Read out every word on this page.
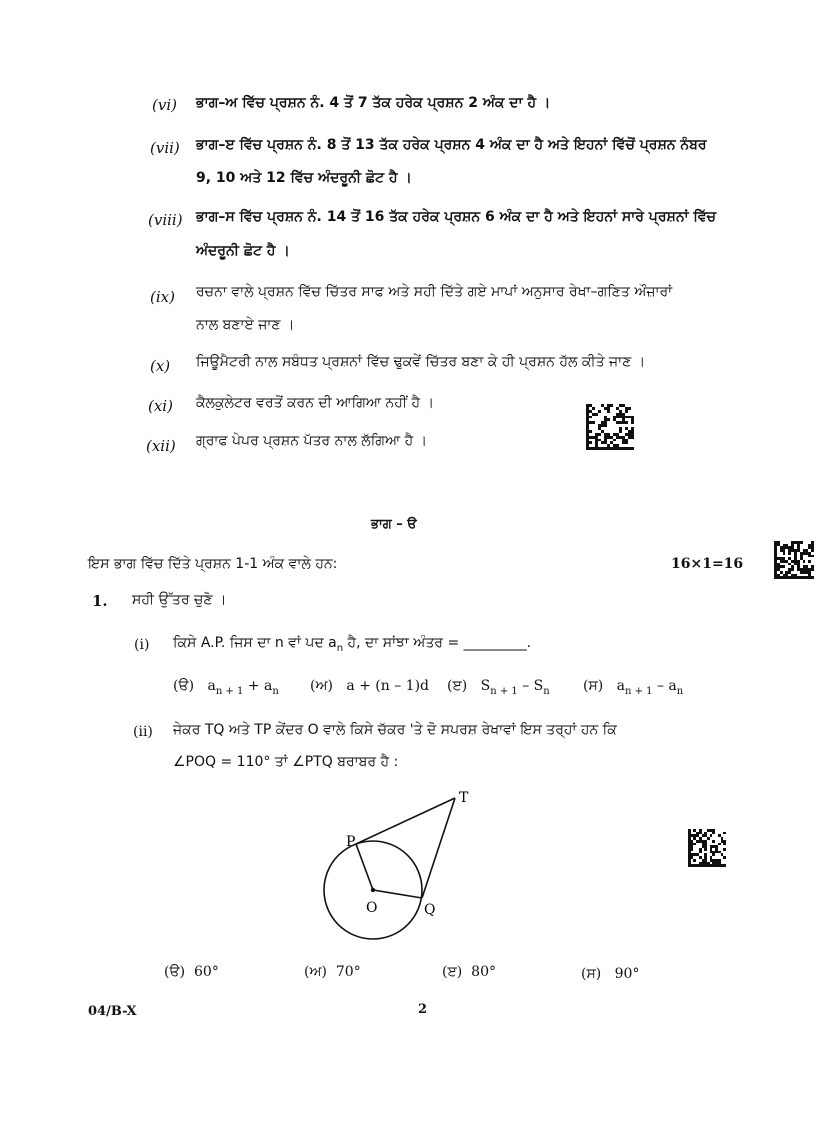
(vi) ਭਾਗ–ਅ ਵਿੱਚ ਪ੍ਰਸ਼ਨ ਨੰ. 4 ਤੋਂ 7 ਤੱਕ ਹਰੇਕ ਪ੍ਰਸ਼ਨ 2 ਅੰਕ ਦਾ ਹੈ ।
(vii) ਭਾਗ–ੲ ਵਿੱਚ ਪ੍ਰਸ਼ਨ ਨੰ. 8 ਤੋਂ 13 ਤੱਕ ਹਰੇਕ ਪ੍ਰਸ਼ਨ 4 ਅੰਕ ਦਾ ਹੈ ਅਤੇ ਇਹਨਾਂ ਵਿੱਚੋਂ ਪ੍ਰਸ਼ਨ ਨੰਬਰ
9, 10 ਅਤੇ 12 ਵਿੱਚ ਅੰਦਰੂਨੀ ਛੋਟ ਹੈ ।
(viii) ਭਾਗ–ਸ ਵਿੱਚ ਪ੍ਰਸ਼ਨ ਨੰ. 14 ਤੋਂ 16 ਤੱਕ ਹਰੇਕ ਪ੍ਰਸ਼ਨ 6 ਅੰਕ ਦਾ ਹੈ ਅਤੇ ਇਹਨਾਂ ਸਾਰੇ ਪ੍ਰਸ਼ਨਾਂ ਵਿੱਚ
ਅੰਦਰੂਨੀ ਛੋਟ ਹੈ ।
(ix) ਰਚਨਾ ਵਾਲੇ ਪ੍ਰਸ਼ਨ ਵਿੱਚ ਚਿੱਤਰ ਸਾਫ ਅਤੇ ਸਹੀ ਦਿੱਤੇ ਗਏ ਮਾਪਾਂ ਅਨੁਸਾਰ ਰੇਖਾ–ਗਣਿਤ ਔਜ਼ਾਰਾਂ
ਨਾਲ ਬਣਾਏ ਜਾਣ ।
(x) ਜਿਊਮੈਟਰੀ ਨਾਲ ਸਬੰਧਤ ਪ੍ਰਸ਼ਨਾਂ ਵਿੱਚ ਢੁਕਵੇਂ ਚਿੱਤਰ ਬਣਾ ਕੇ ਹੀ ਪ੍ਰਸ਼ਨ ਹੱਲ ਕੀਤੇ ਜਾਣ ।
(xi) ਕੈਲਕੁਲੇਟਰ ਵਰਤੋਂ ਕਰਨ ਦੀ ਆਗਿਆ ਨਹੀਂ ਹੈ ।
(xii) ਗ੍ਰਾਫ ਪੇਪਰ ਪ੍ਰਸ਼ਨ ਪੱਤਰ ਨਾਲ ਲੱਗਿਆ ਹੈ ।
ਭਾਗ – ੳ
ਇਸ ਭਾਗ ਵਿੱਚ ਦਿੱਤੇ ਪ੍ਰਸ਼ਨ 1-1 ਅੰਕ ਵਾਲੇ ਹਨ:	16×1=16
1. ਸਹੀ ਉੱਤਰ ਚੁਣੋ ।
(i) ਕਿਸੇ A.P. ਜਿਸ ਦਾ n ਵਾਂ ਪਦ $a_n$ ਹੈ, ਦਾ ਸਾਂਝਾ ਅੰਤਰ = _________.
(ੳ) $a_{n + 1} + a_n$ (ਅ) a + (n – 1)d (ੲ) $S_{n + 1} - S_n$ (ਸ) $a_{n + 1} - a_n$
(ii) ਜੇਕਰ TQ ਅਤੇ TP ਕੇਂਦਰ O ਵਾਲੇ ਕਿਸੇ ਚੱਕਰ 'ਤੇ ਦੋ ਸਪਰਸ਼ ਰੇਖਾਵਾਂ ਇਸ ਤਰ੍ਹਾਂ ਹਨ ਕਿ
∠POQ = 110° ਤਾਂ ∠PTQ ਬਰਾਬਰ ਹੈ :
P
T
O	Q
(ੳ) 60°	(ਅ) 70°	(ੲ) 80°	(ਸ) 90°
04/B-X	2
